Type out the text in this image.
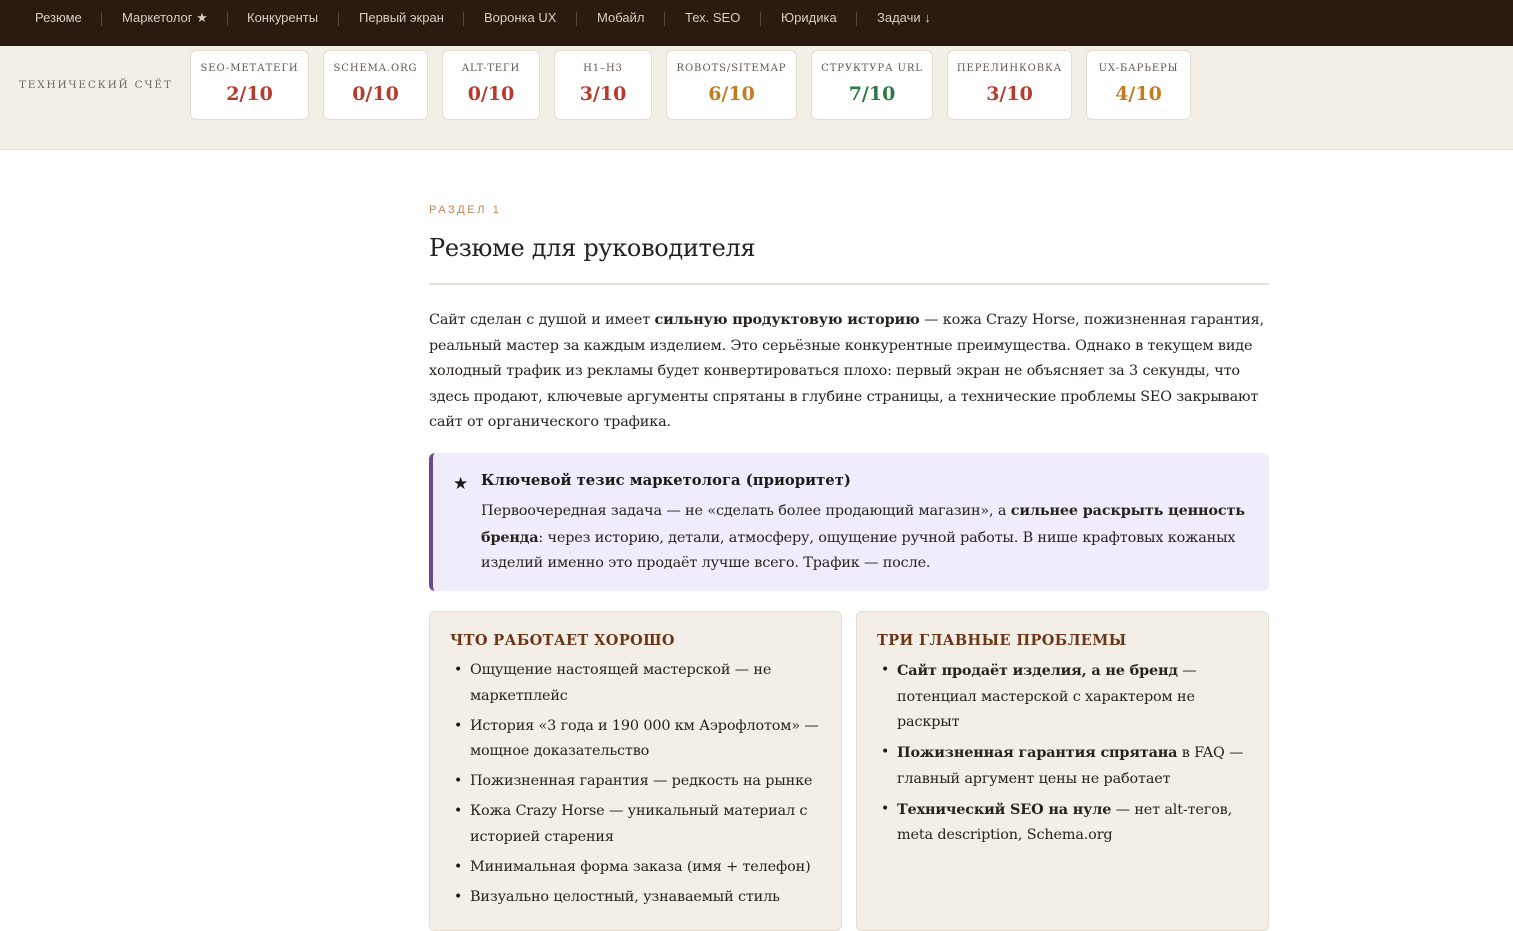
Резюме	Маркетолог ★	Конкуренты	Первый экран	Воронка UX	Мобайл	Тех. SEO	Юридика	Задачи ↓
ТЕХНИЧЕСКИЙ СЧЁТ
SEO-МЕТАТЕГИ
2/10
SCHEMA.ORG
0/10
ALT-ТЕГИ
0/10
H1–H3
3/10
ROBOTS/SITEMAP
6/10
СТРУКТУРА URL
7/10
ПЕРЕЛИНКОВКА
3/10
UX-БАРЬЕРЫ
4/10
РАЗДЕЛ 1
Резюме для руководителя

Сайт сделан с душой и имеет сильную продуктовую историю — кожа Crazy Horse, пожизненная гарантия, реальный мастер за каждым изделием. Это серьёзные конкурентные преимущества. Однако в текущем виде холодный трафик из рекламы будет конвертироваться плохо: первый экран не объясняет за 3 секунды, что здесь продают, ключевые аргументы спрятаны в глубине страницы, а технические проблемы SEO закрывают сайт от органического трафика.

★ Ключевой тезис маркетолога (приоритет)

Первоочередная задача — не «сделать более продающий магазин», а сильнее раскрыть ценность бренда: через историю, детали, атмосферу, ощущение ручной работы. В нише крафтовых кожаных изделий именно это продаёт лучше всего. Трафик — после.

ЧТО РАБОТАЕТ ХОРОШО
• Ощущение настоящей мастерской — не маркетплейс
• История «3 года и 190 000 км Аэрофлотом» — мощное доказательство
• Пожизненная гарантия — редкость на рынке
• Кожа Crazy Horse — уникальный материал с историей старения
• Минимальная форма заказа (имя + телефон)
• Визуально целостный, узнаваемый стиль
ТРИ ГЛАВНЫЕ ПРОБЛЕМЫ
• Сайт продаёт изделия, а не бренд — потенциал мастерской с характером не раскрыт
• Пожизненная гарантия спрятана в FAQ — главный аргумент цены не работает
• Технический SEO на нуле — нет alt-тегов, meta description, Schema.org
